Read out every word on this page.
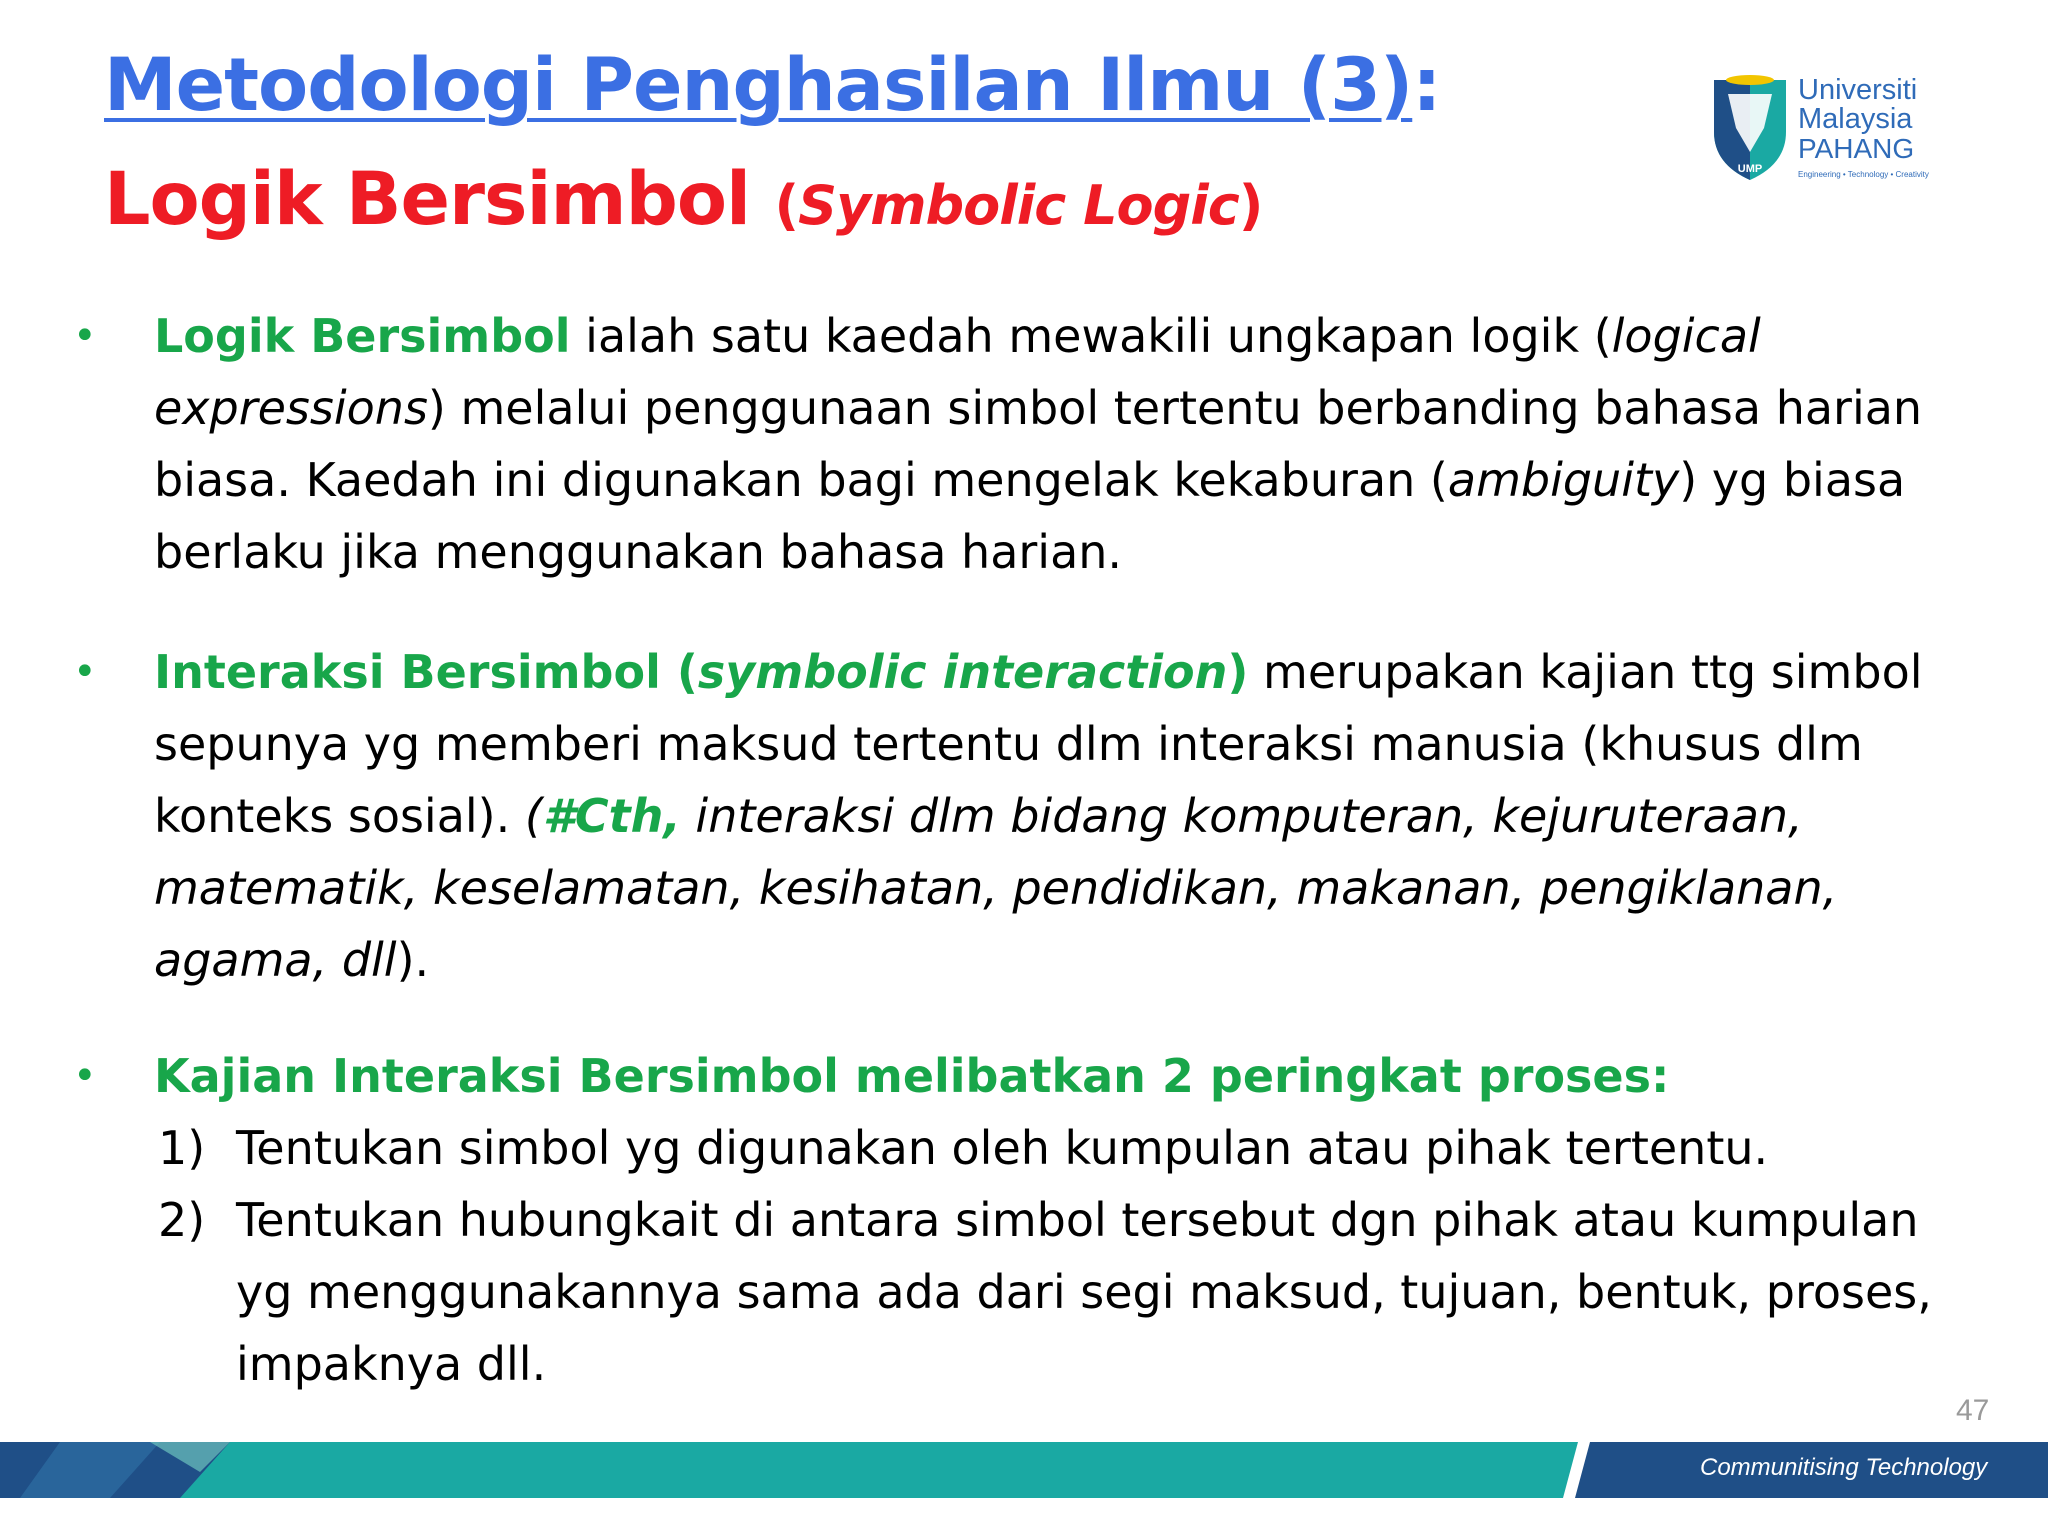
Metodologi Penghasilan Ilmu (3):
Logik Bersimbol (Symbolic Logic)
UMP
Universiti
Malaysia
PAHANG
Engineering • Technology • Creativity
• Logik Bersimbol ialah satu kaedah mewakili ungkapan logik (logical expressions) melalui penggunaan simbol tertentu berbanding bahasa harian biasa. Kaedah ini digunakan bagi mengelak kekaburan (ambiguity) yg biasa berlaku jika menggunakan bahasa harian.
• Interaksi Bersimbol (symbolic interaction) merupakan kajian ttg simbol sepunya yg memberi maksud tertentu dlm interaksi manusia (khusus dlm konteks sosial). (#Cth, interaksi dlm bidang komputeran, kejuruteraan, matematik, keselamatan, kesihatan, pendidikan, makanan, pengiklanan, agama, dll).
• Kajian Interaksi Bersimbol melibatkan 2 peringkat proses:
1) Tentukan simbol yg digunakan oleh kumpulan atau pihak tertentu.
2) Tentukan hubungkait di antara simbol tersebut dgn pihak atau kumpulan yg menggunakannya sama ada dari segi maksud, tujuan, bentuk, proses, impaknya dll.
47
Communitising Technology
